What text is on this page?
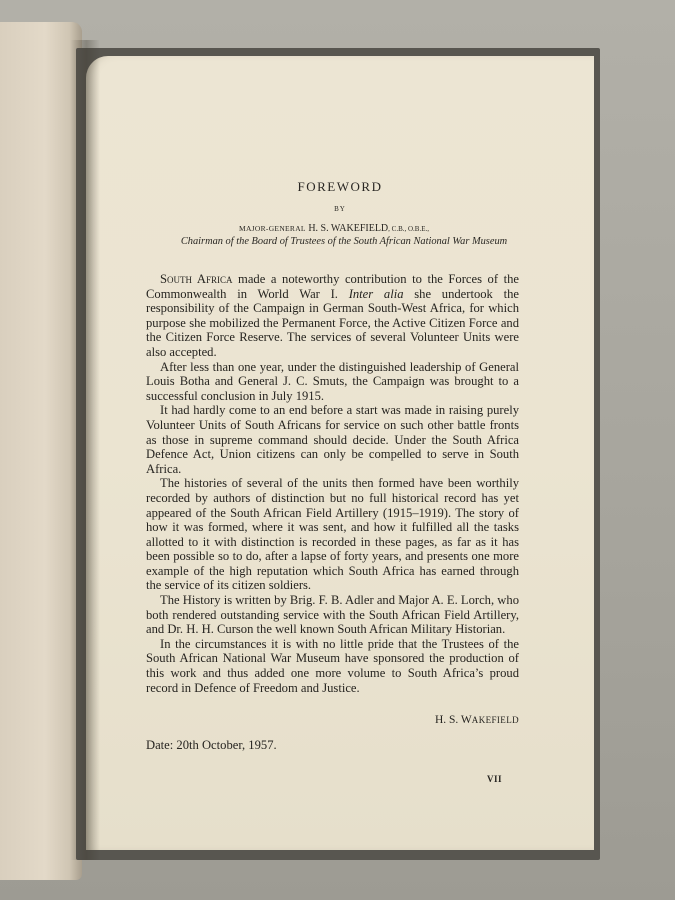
FOREWORD
BY
MAJOR-GENERAL H. S. WAKEFIELD, C.B., O.B.E.,
Chairman of the Board of Trustees of the South African National War Museum

South Africa made a noteworthy contribution to the Forces of the Commonwealth in World War I. Inter alia she undertook the responsibility of the Campaign in German South-West Africa, for which purpose she mobilized the Permanent Force, the Active Citizen Force and the Citizen Force Reserve. The services of several Volunteer Units were also accepted.

After less than one year, under the distinguished leadership of General Louis Botha and General J. C. Smuts, the Campaign was brought to a successful conclusion in July 1915.

It had hardly come to an end before a start was made in raising purely Volunteer Units of South Africans for service on such other battle fronts as those in supreme command should decide. Under the South Africa Defence Act, Union citizens can only be compelled to serve in South Africa.

The histories of several of the units then formed have been worthily recorded by authors of distinction but no full historical record has yet appeared of the South African Field Artillery (1915–1919). The story of how it was formed, where it was sent, and how it fulfilled all the tasks allotted to it with distinction is recorded in these pages, as far as it has been possible so to do, after a lapse of forty years, and presents one more example of the high reputation which South Africa has earned through the service of its citizen soldiers.

The History is written by Brig. F. B. Adler and Major A. E. Lorch, who both rendered outstanding service with the South African Field Artillery, and Dr. H. H. Curson the well known South African Military Historian.

In the circumstances it is with no little pride that the Trustees of the South African National War Museum have sponsored the production of this work and thus added one more volume to South Africa’s proud record in Defence of Freedom and Justice.

H. S. WAKEFIELD
Date: 20th October, 1957.
VII
